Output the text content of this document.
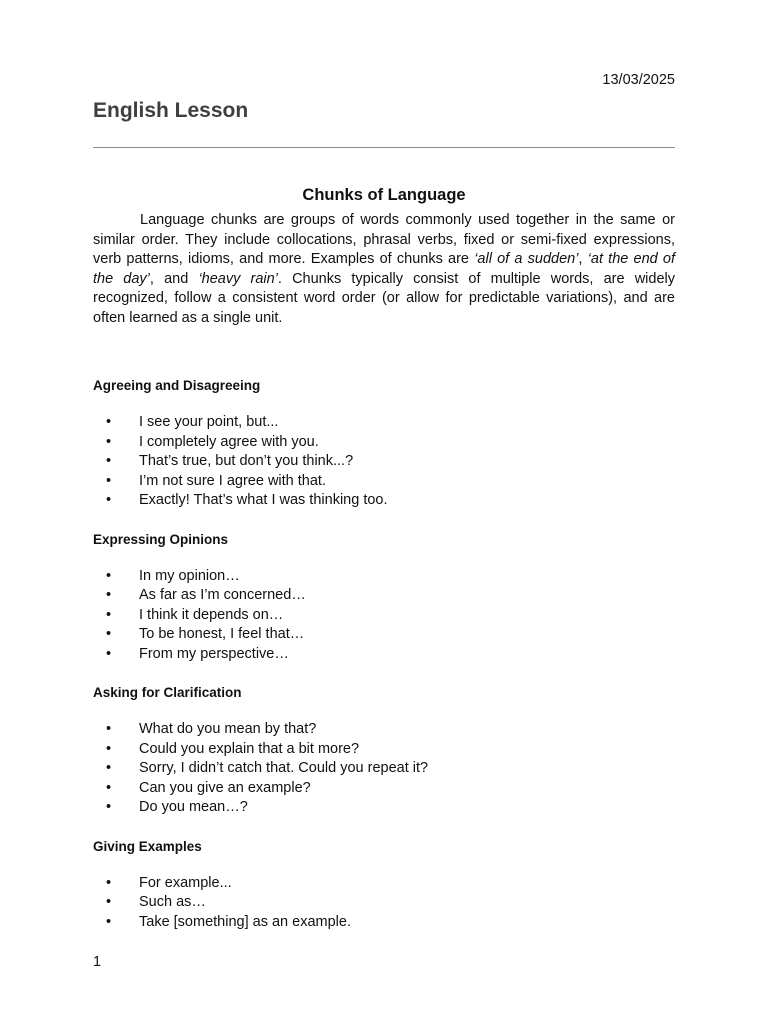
13/03/2025
English Lesson
Chunks of Language

Language chunks are groups of words commonly used together in the same or similar order. They include collocations, phrasal verbs, fixed or semi-fixed expressions, verb patterns, idioms, and more. Examples of chunks are ‘all of a sudden’, ‘at the end of the day’, and ‘heavy rain’. Chunks typically consist of multiple words, are widely recognized, follow a consistent word order (or allow for predictable variations), and are often learned as a single unit.

Agreeing and Disagreeing
• I see your point, but...
• I completely agree with you.
• That’s true, but don’t you think...?
• I’m not sure I agree with that.
• Exactly! That’s what I was thinking too.
Expressing Opinions
• In my opinion…
• As far as I’m concerned…
• I think it depends on…
• To be honest, I feel that…
• From my perspective…
Asking for Clarification
• What do you mean by that?
• Could you explain that a bit more?
• Sorry, I didn’t catch that. Could you repeat it?
• Can you give an example?
• Do you mean…?
Giving Examples
• For example...
• Such as…
• Take [something] as an example.
1
